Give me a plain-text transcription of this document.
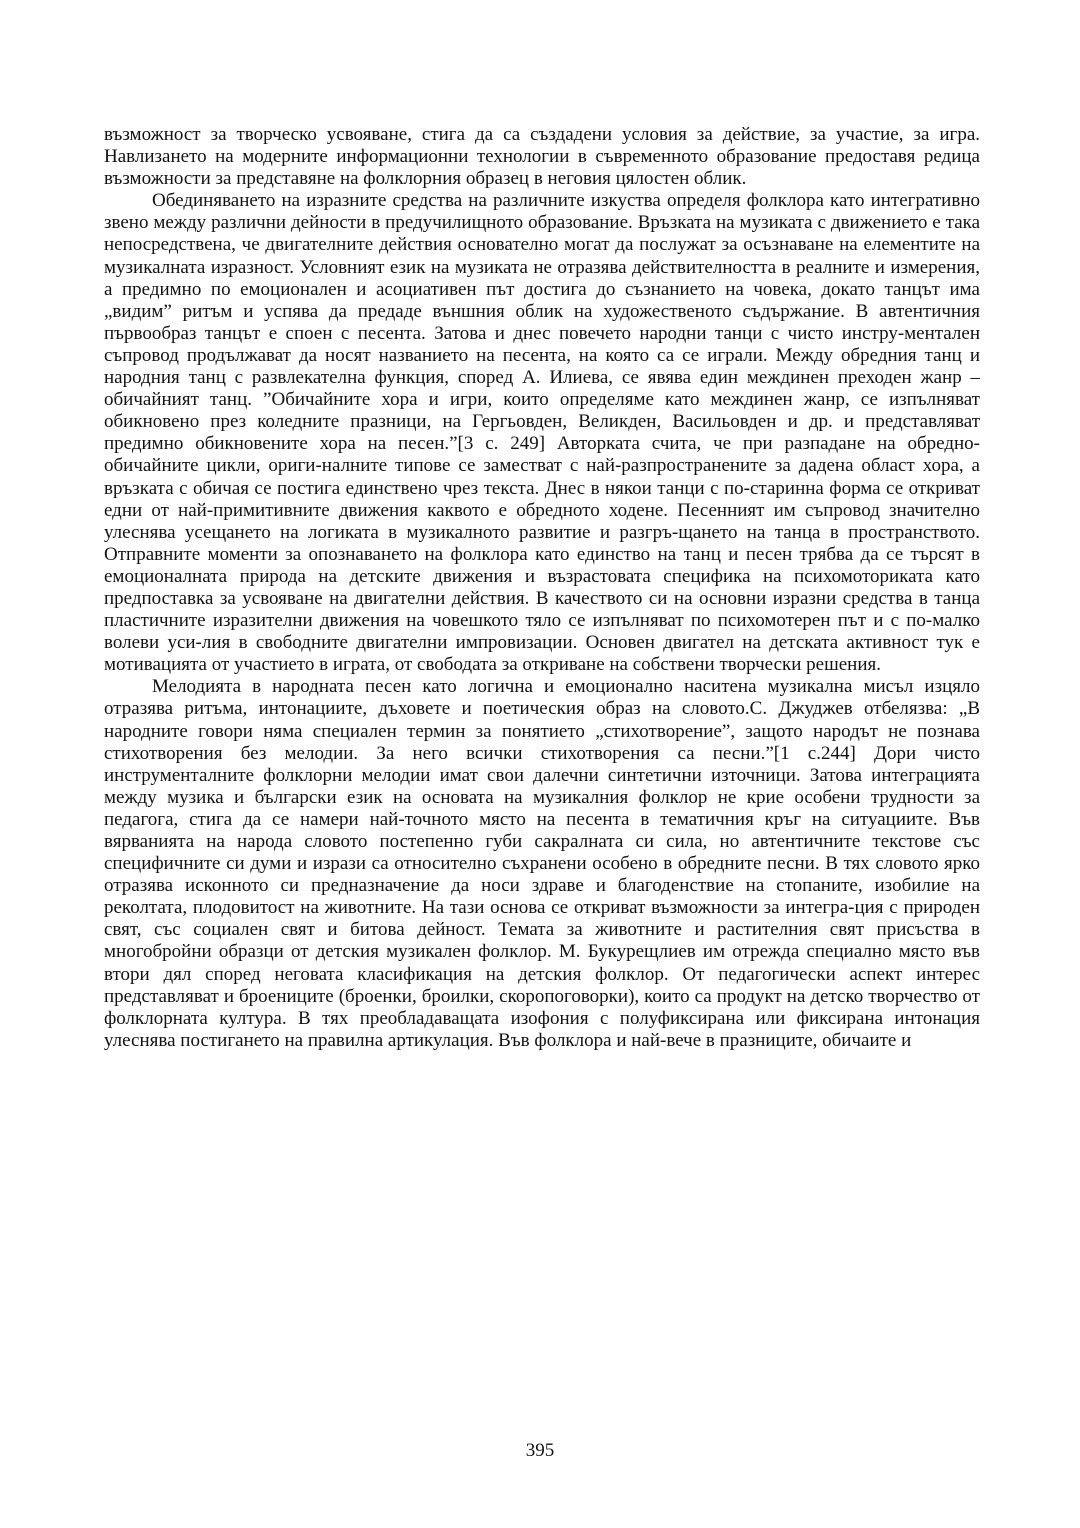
възможност за творческо усвояване, стига да са създадени условия за действие, за участие, за игра. Навлизането на модерните информационни технологии в съвременното образование предоставя редица възможности за представяне на фолклорния образец в неговия цялостен облик.

Обединяването на изразните средства на различните изкуства определя фолклора като интегративно звено между различни дейности в предучилищното образование. Връзката на музиката с движението е така непосредствена, че двигателните действия основателно могат да послужат за осъзнаване на елементите на музикалната изразност. Условният език на музиката не отразява действителността в реалните и измерения, а предимно по емоционален и асоциативен път достига до съзнанието на човека, докато танцът има „видим” ритъм и успява да предаде външния облик на художественото съдържание. В автентичния първообраз танцът е споен с песента. Затова и днес повечето народни танци с чисто инстру-ментален съпровод продължават да носят названието на песента, на която са се играли. Между обредния танц и народния танц с развлекателна функция, според А. Илиева, се явява един междинен преходен жанр – обичайният танц. ”Обичайните хора и игри, които определяме като междинен жанр, се изпълняват обикновено през коледните празници, на Гергьовден, Великден, Васильовден и др. и представляват предимно обикновените хора на песен.”[3 с. 249] Авторката счита, че при разпадане на обредно-обичайните цикли, ориги-налните типове се заместват с най-разпространените за дадена област хора, а връзката с обичая се постига единствено чрез текста. Днес в някои танци с по-старинна форма се откриват едни от най-примитивните движения каквото е обредното ходене. Песенният им съпровод значително улеснява усещането на логиката в музикалното развитие и разгръ-щането на танца в пространството. Отправните моменти за опознаването на фолклора като единство на танц и песен трябва да се търсят в емоционалната природа на детските движения и възрастовата специфика на психомоториката като предпоставка за усвояване на двигателни действия. В качеството си на основни изразни средства в танца пластичните изразителни движения на човешкото тяло се изпълняват по психомотерен път и с по-малко волеви уси-лия в свободните двигателни импровизации. Основен двигател на детската активност тук е мотивацията от участието в играта, от свободата за откриване на собствени творчески решения.

Мелодията в народната песен като логична и емоционално наситена музикална мисъл изцяло отразява ритъма, интонациите, дъховете и поетическия образ на словото.С. Джуджев отбелязва: „В народните говори няма специален термин за понятието „стихотворение”, защото народът не познава стихотворения без мелодии. За него всички стихотворения са песни.”[1 с.244] Дори чисто инструменталните фолклорни мелодии имат свои далечни синтетични източници. Затова интеграцията между музика и български език на основата на музикалния фолклор не крие особени трудности за педагога, стига да се намери най-точното място на песента в тематичния кръг на ситуациите. Във вярванията на народа словото постепенно губи сакралната си сила, но автентичните текстове със специфичните си думи и изрази са относително съхранени особено в обредните песни. В тях словото ярко отразява исконното си предназначение да носи здраве и благоденствие на стопаните, изобилие на реколтата, плодовитост на животните. На тази основа се откриват възможности за интегра-ция с природен свят, със социален свят и битова дейност. Темата за животните и растителния свят присъства в многобройни образци от детския музикален фолклор. М. Букурещлиев им отрежда специално място във втори дял според неговата класификация на детския фолклор. От педагогически аспект интерес представляват и броениците (броенки, броилки, скоропоговорки), които са продукт на детско творчество от фолклорната култура. В тях преобладаващата изофония с полуфиксирана или фиксирана интонация улеснява постигането на правилна артикулация. Във фолклора и най-вече в празниците, обичаите и

395
